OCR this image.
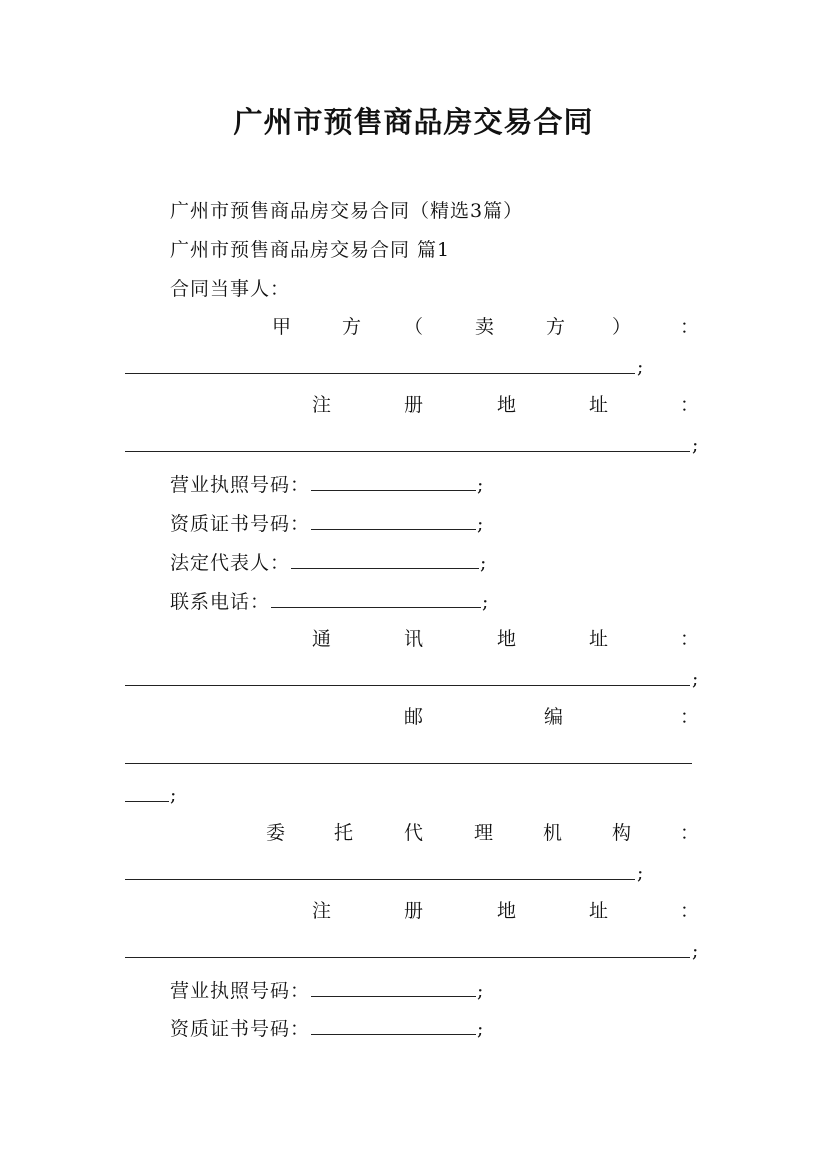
广州市预售商品房交易合同
广州市预售商品房交易合同（精选3篇）
广州市预售商品房交易合同 篇1
合同当事人：
甲	方 （	卖	方 ）	：
;
注	册	地	址	：
;
营业执照号码：	;
资质证书号码：	;
法定代表人：	;
联系电话：	;
通	讯	地	址	：
;
邮	编	：
;
委	托	代	理	机	构	：
;
注	册	地	址	：
;
营业执照号码：	;
资质证书号码：	;
